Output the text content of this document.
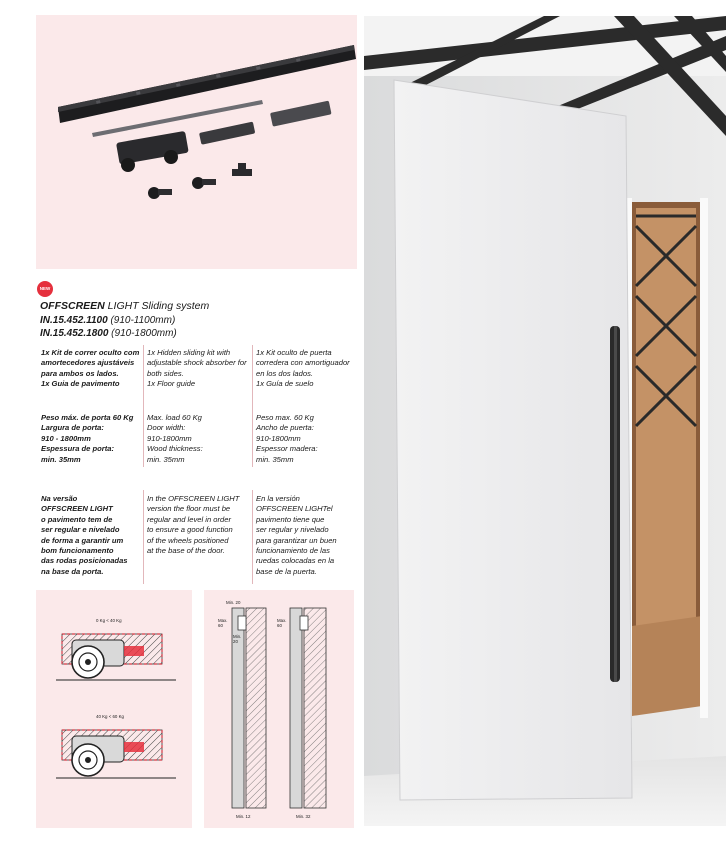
NEW
OFFSCREEN LIGHT Sliding system
IN.15.452.1100 (910-1100mm)
IN.15.452.1800 (910-1800mm)

1x Kit de correr oculto com amortecedores ajustáveis para ambos os lados.
1x Guia de pavimento

1x Hidden sliding kit with adjustable shock absorber for both sides.
1x Floor guide

1x Kit oculto de puerta corredera con amortiguador en los dos lados.
1x Guía de suelo

Peso máx. de porta 60 Kg
Largura de porta:
910 - 1800mm
Espessura de porta:
min. 35mm

Max. load 60 Kg
Door width:
910-1800mm
Wood thickness:
min. 35mm

Peso max. 60 Kg
Ancho de puerta:
910-1800mm
Espessor madera:
min. 35mm

Na versão
OFFSCREEN LIGHT
o pavimento tem de
ser regular e nivelado
de forma a garantir um
bom funcionamento
das rodas posicionadas
na base da porta.

In the OFFSCREEN LIGHT
version the floor must be
regular and level in order
to ensure a good function
of the wheels positioned
at the base of the door.

En la versión
OFFSCREEN LIGHTel
pavimento tiene que
ser regular y nivelado
para garantizar un buen
funcionamiento de las
ruedas colocadas en la
base de la puerta.

0 Kg < 40 Kg
40 Kg < 60 Kg
Min. 20
Max.
60
Min.
20
Max.
60
Min. 12	Min. 32
